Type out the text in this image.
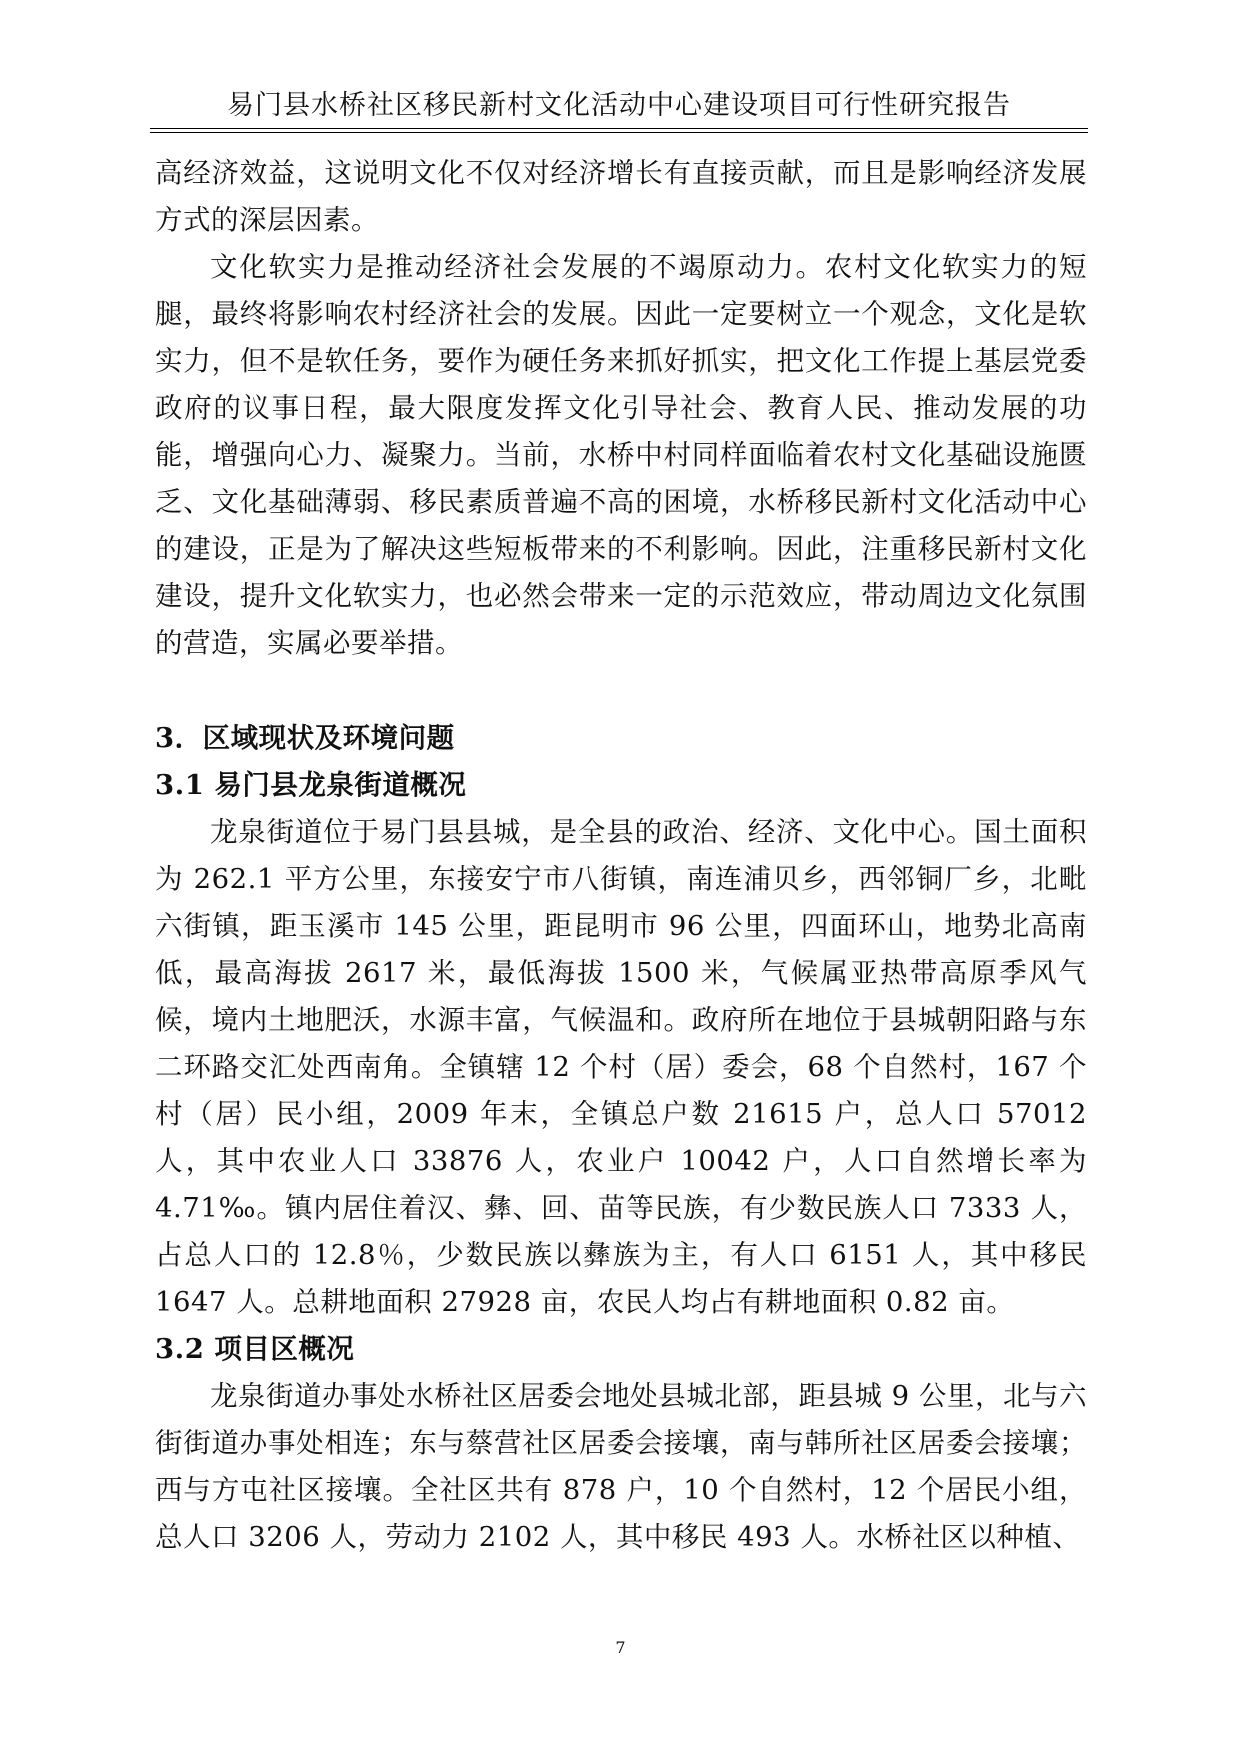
易门县水桥社区移民新村文化活动中心建设项目可行性研究报告

高经济效益，这说明文化不仅对经济增长有直接贡献，而且是影响经济发展方式的深层因素。

文化软实力是推动经济社会发展的不竭原动力。农村文化软实力的短腿，最终将影响农村经济社会的发展。因此一定要树立一个观念，文化是软实力，但不是软任务，要作为硬任务来抓好抓实，把文化工作提上基层党委政府的议事日程，最大限度发挥文化引导社会、教育人民、推动发展的功能，增强向心力、凝聚力。当前，水桥中村同样面临着农村文化基础设施匮乏、文化基础薄弱、移民素质普遍不高的困境，水桥移民新村文化活动中心的建设，正是为了解决这些短板带来的不利影响。因此，注重移民新村文化建设，提升文化软实力，也必然会带来一定的示范效应，带动周边文化氛围的营造，实属必要举措。

3．区域现状及环境问题

3.1 易门县龙泉街道概况

龙泉街道位于易门县县城，是全县的政治、经济、文化中心。国土面积为 262.1 平方公里，东接安宁市八街镇，南连浦贝乡，西邻铜厂乡，北毗六街镇，距玉溪市 145 公里，距昆明市 96 公里，四面环山，地势北高南低，最高海拔 2617 米，最低海拔 1500 米，气候属亚热带高原季风气候，境内土地肥沃，水源丰富，气候温和。政府所在地位于县城朝阳路与东二环路交汇处西南角。全镇辖 12 个村（居）委会，68 个自然村，167 个村（居）民小组，2009 年末，全镇总户数 21615 户，总人口 57012 人，其中农业人口 33876 人，农业户 10042 户，人口自然增长率为 4.71‰。镇内居住着汉、彝、回、苗等民族，有少数民族人口 7333 人，占总人口的 12.8％，少数民族以彝族为主，有人口 6151 人，其中移民 1647 人。总耕地面积 27928 亩，农民人均占有耕地面积 0.82 亩。

3.2 项目区概况

龙泉街道办事处水桥社区居委会地处县城北部，距县城 9 公里，北与六街街道办事处相连；东与蔡营社区居委会接壤，南与韩所社区居委会接壤；西与方屯社区接壤。全社区共有 878 户，10 个自然村，12 个居民小组，总人口 3206 人，劳动力 2102 人，其中移民 493 人。水桥社区以种植、

7
